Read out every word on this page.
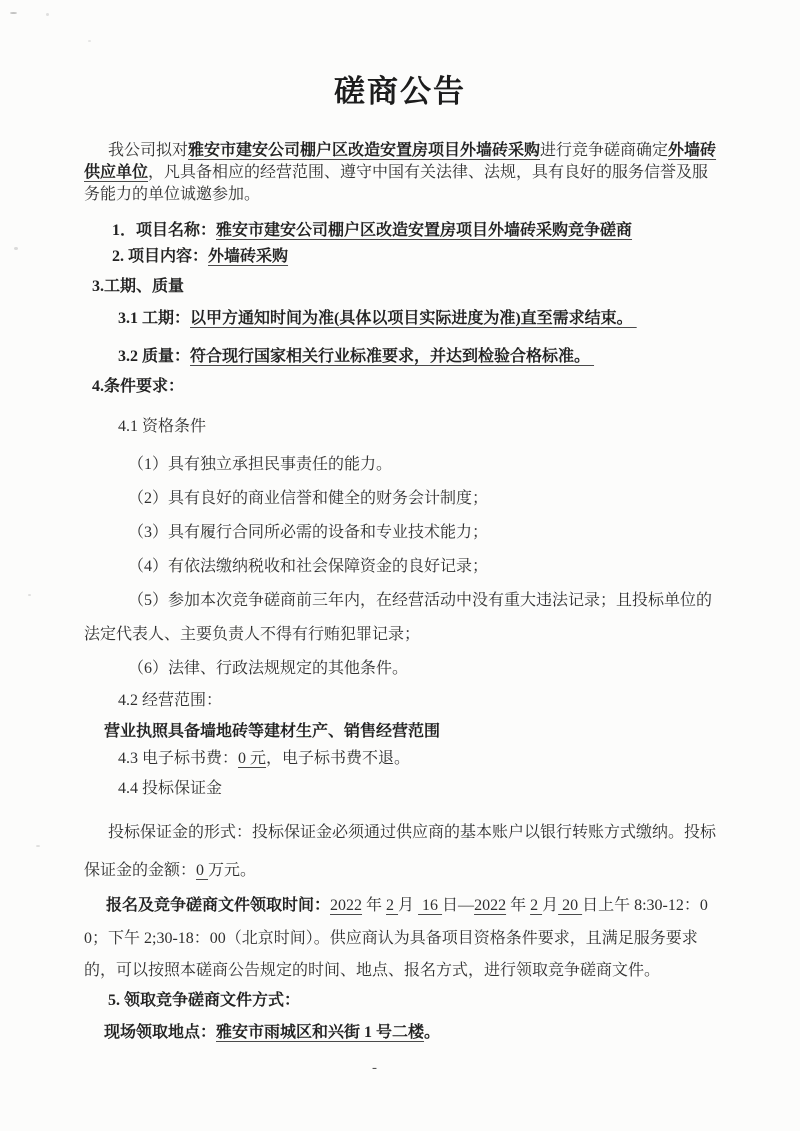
磋商公告

我公司拟对雅安市建安公司棚户区改造安置房项目外墙砖采购进行竞争磋商确定外墙砖供应单位，凡具备相应的经营范围、遵守中国有关法律、法规，具有良好的服务信誉及服务能力的单位诚邀参加。

1．项目名称：雅安市建安公司棚户区改造安置房项目外墙砖采购竞争磋商

2. 项目内容：外墙砖采购

3.工期、质量

3.1 工期：以甲方通知时间为准(具体以项目实际进度为准)直至需求结束。

3.2 质量：符合现行国家相关行业标准要求，并达到检验合格标准。

4.条件要求：

4.1 资格条件

（1）具有独立承担民事责任的能力。

（2）具有良好的商业信誉和健全的财务会计制度；

（3）具有履行合同所必需的设备和专业技术能力；

（4）有依法缴纳税收和社会保障资金的良好记录；

（5）参加本次竞争磋商前三年内，在经营活动中没有重大违法记录；且投标单位的法定代表人、主要负责人不得有行贿犯罪记录；

（6）法律、行政法规规定的其他条件。

4.2 经营范围：

营业执照具备墙地砖等建材生产、销售经营范围

4.3 电子标书费：0 元，电子标书费不退。

4.4 投标保证金

投标保证金的形式：投标保证金必须通过供应商的基本账户以银行转账方式缴纳。投标保证金的金额：0 万元。

报名及竞争磋商文件领取时间：2022 年 2 月  16 日—2022 年 2 月 20 日上午 8:30-12：00；下午 2;30-18：00（北京时间）。供应商认为具备项目资格条件要求，且满足服务要求的，可以按照本磋商公告规定的时间、地点、报名方式，进行领取竞争磋商文件。

5. 领取竞争磋商文件方式：

现场领取地点：雅安市雨城区和兴街 1 号二楼。

-
